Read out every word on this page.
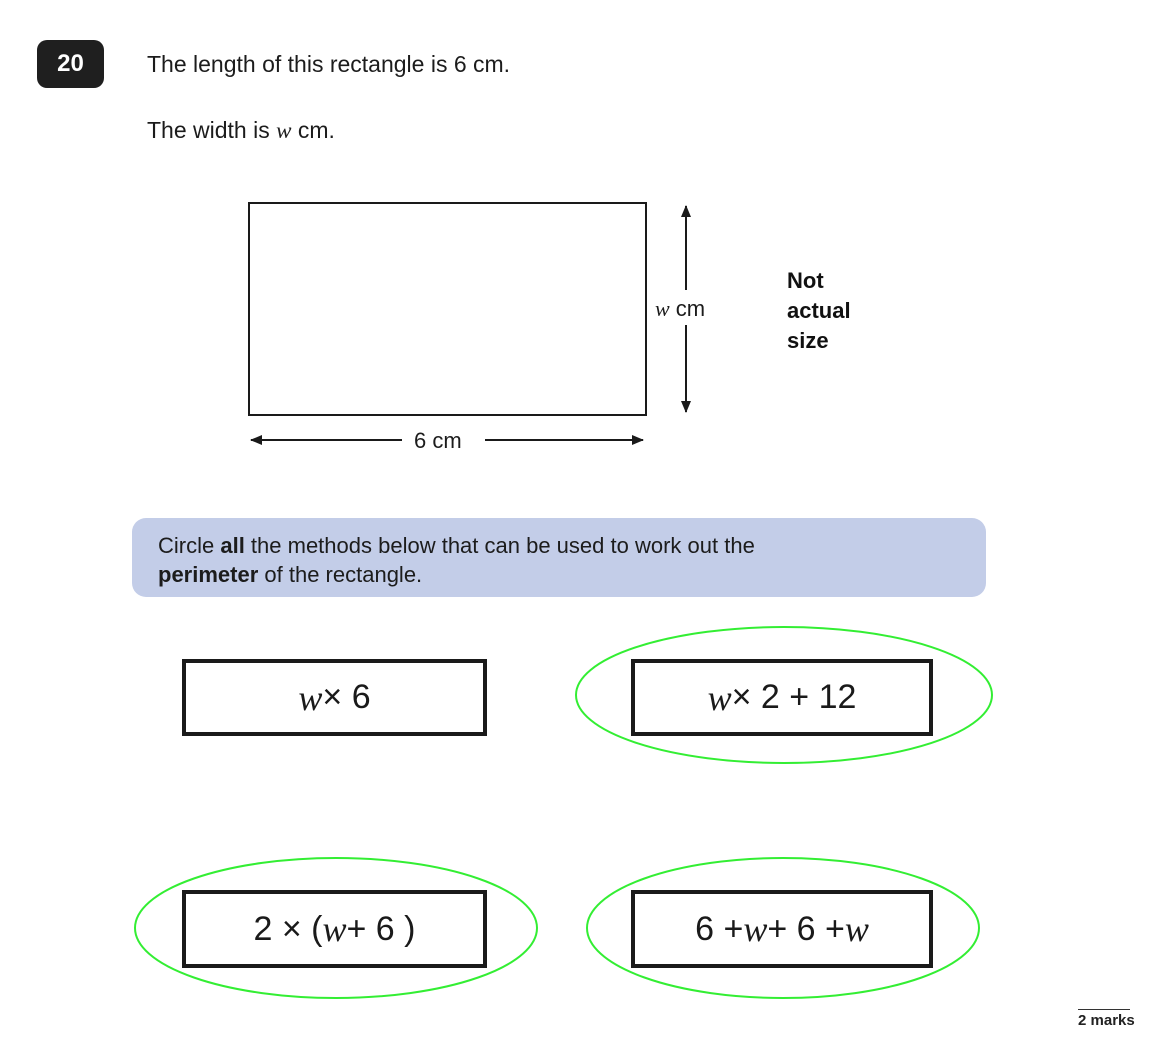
20	The length of this rectangle is 6 cm.
The width is w cm.
w cm
6 cm
Not
actual
size
Circle all the methods below that can be used to work out the
perimeter of the rectangle.
w × 6	w × 2 + 12
2 × ( w + 6 )	6 + w + 6 + w
2 marks
